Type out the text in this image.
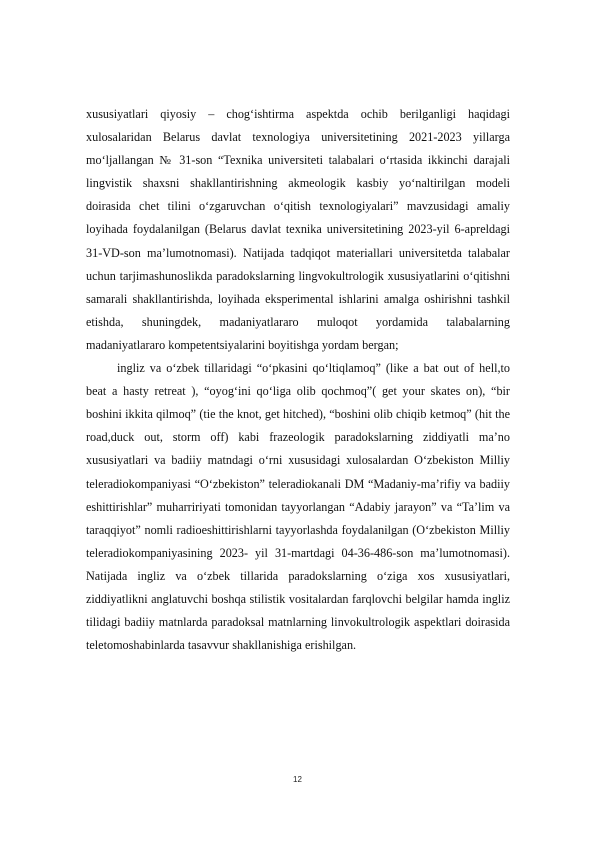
xususiyatlari qiyosiy – chog‘ishtirma aspektda ochib berilganligi haqidagi xulosalaridan Belarus davlat texnologiya universitetining 2021-2023 yillarga mo‘ljallangan № 31-son “Texnika universiteti talabalari o‘rtasida ikkinchi darajali lingvistik shaxsni shakllantirishning akmeologik kasbiy yo‘naltirilgan modeli doirasida chet tilini o‘zgaruvchan o‘qitish texnologiyalari” mavzusidagi amaliy loyihada foydalanilgan (Belarus davlat texnika universitetining 2023-yil 6-apreldagi 31-VD-son ma’lumotnomasi). Natijada tadqiqot materiallari universitetda talabalar uchun tarjimashunoslikda paradokslarning lingvokultrologik xususiyatlarini o‘qitishni samarali shakllantirishda, loyihada eksperimental ishlarini amalga oshirishni tashkil etishda, shuningdek, madaniyatlararo muloqot yordamida talabalarning madaniyatlararo kompetentsiyalarini boyitishga yordam bergan;

ingliz va o‘zbek tillaridagi “o‘pkasini qo‘ltiqlamoq” (like a bat out of hell,to beat a hasty retreat ), “oyog‘ini qo‘liga olib qochmoq”( get your skates on), “bir boshini ikkita qilmoq” (tie the knot, get hitched), “boshini olib chiqib ketmoq” (hit the road,duck out, storm off) kabi frazeologik paradokslarning ziddiyatli ma’no xususiyatlari va badiiy matndagi o‘rni xususidagi xulosalardan O‘zbekiston Milliy teleradiokompaniyasi “O‘zbekiston” teleradiokanali DM “Madaniy-ma’rifiy va badiiy eshittirishlar” muharririyati tomonidan tayyorlangan “Adabiy jarayon” va “Ta’lim va taraqqiyot” nomli radioeshittirishlarni tayyorlashda foydalanilgan (O‘zbekiston Milliy teleradiokompaniyasining 2023- yil 31-martdagi 04-36-486-son ma’lumotnomasi). Natijada ingliz va o‘zbek tillarida paradokslarning o‘ziga xos xususiyatlari, ziddiyatlikni anglatuvchi boshqa stilistik vositalardan farqlovchi belgilar hamda ingliz tilidagi badiiy matnlarda paradoksal matnlarning linvokultrologik aspektlari doirasida teletomoshabinlarda tasavvur shakllanishiga erishilgan.

12
